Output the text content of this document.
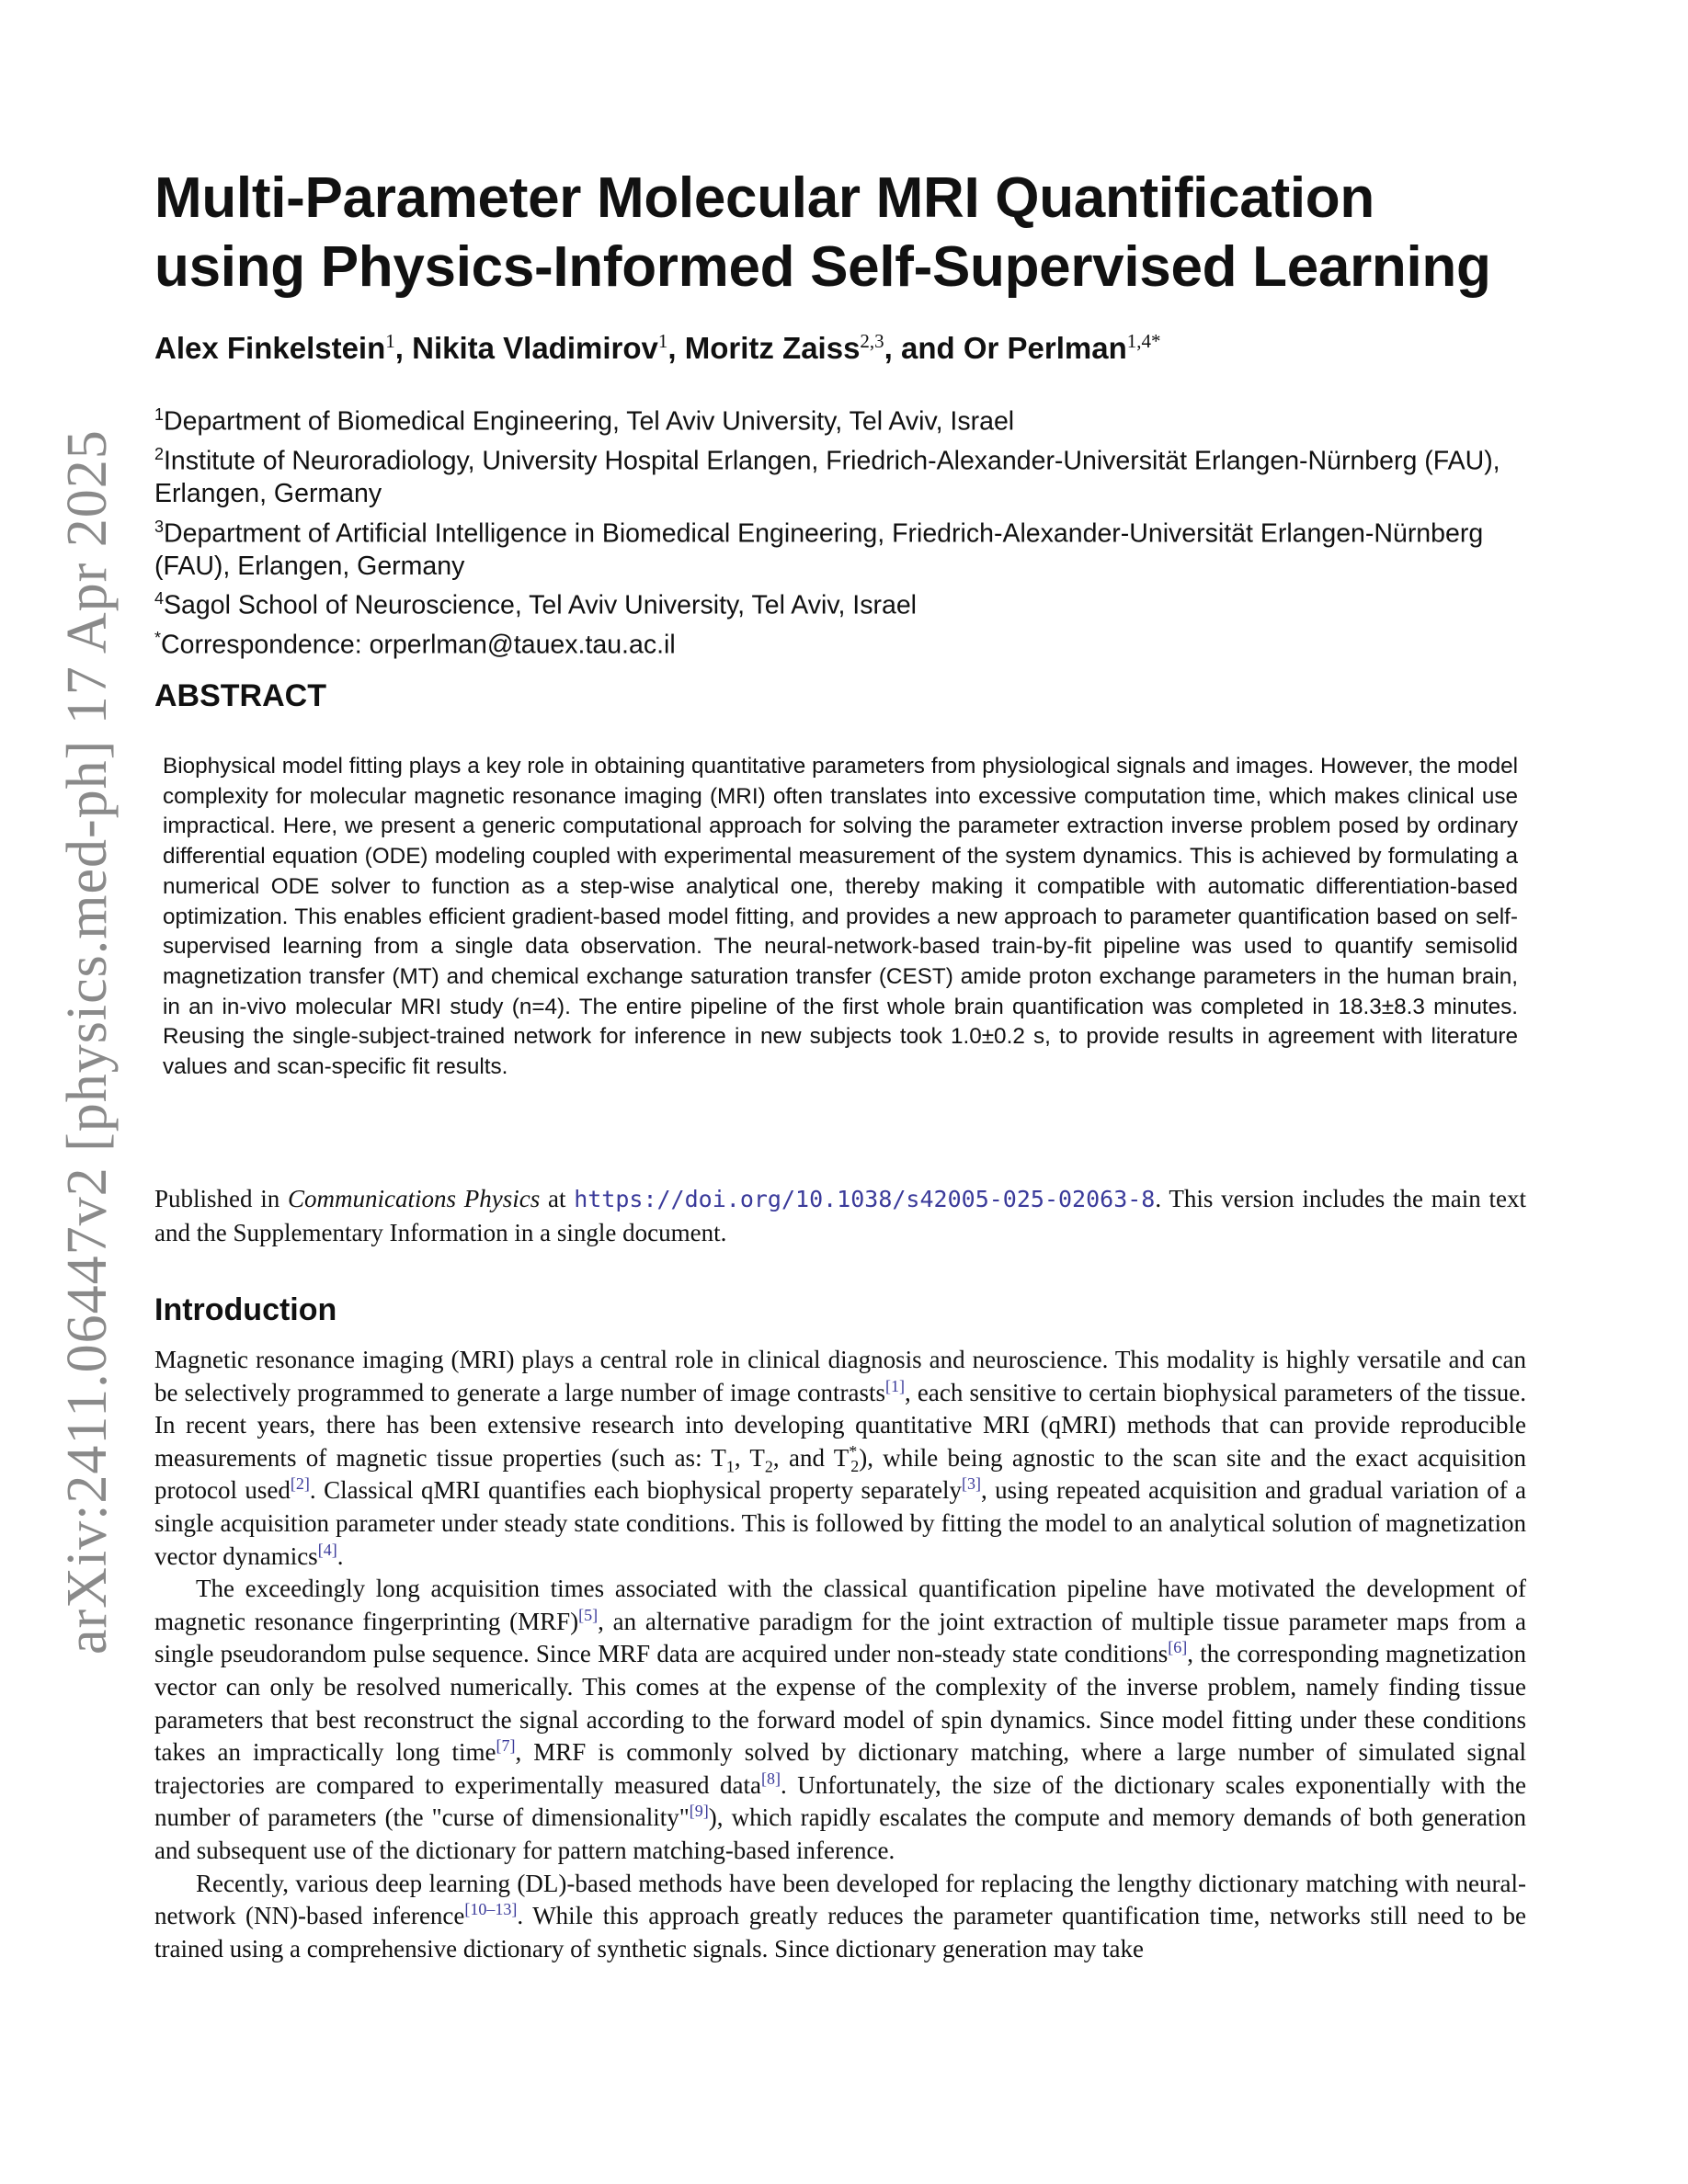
arXiv:2411.06447v2 [physics.med-ph] 17 Apr 2025
Multi-Parameter Molecular MRI Quantification using Physics-Informed Self-Supervised Learning
Alex Finkelstein$^1$, Nikita Vladimirov$^1$, Moritz Zaiss$^{2,3}$, and Or Perlman$^{1,4*}$
$^1$Department of Biomedical Engineering, Tel Aviv University, Tel Aviv, Israel
$^2$Institute of Neuroradiology, University Hospital Erlangen, Friedrich-Alexander-Universität Erlangen-Nürnberg (FAU), Erlangen, Germany
$^3$Department of Artificial Intelligence in Biomedical Engineering, Friedrich-Alexander-Universität Erlangen-Nürnberg (FAU), Erlangen, Germany
$^4$Sagol School of Neuroscience, Tel Aviv University, Tel Aviv, Israel
*Correspondence: orperlman@tauex.tau.ac.il
ABSTRACT

Biophysical model fitting plays a key role in obtaining quantitative parameters from physiological signals and images. However, the model complexity for molecular magnetic resonance imaging (MRI) often translates into excessive computation time, which makes clinical use impractical. Here, we present a generic computational approach for solving the parameter extraction inverse problem posed by ordinary differential equation (ODE) modeling coupled with experimental measurement of the system dynamics. This is achieved by formulating a numerical ODE solver to function as a step-wise analytical one, thereby making it compatible with automatic differentiation-based optimization. This enables efficient gradient-based model fitting, and provides a new approach to parameter quantification based on self-supervised learning from a single data observation. The neural-network-based train-by-fit pipeline was used to quantify semisolid magnetization transfer (MT) and chemical exchange saturation transfer (CEST) amide proton exchange parameters in the human brain, in an in-vivo molecular MRI study (n=4). The entire pipeline of the first whole brain quantification was completed in 18.3±8.3 minutes. Reusing the single-subject-trained network for inference in new subjects took 1.0±0.2 s, to provide results in agreement with literature values and scan-specific fit results.

Published in Communications Physics at https://doi.org/10.1038/s42005-025-02063-8. This version includes the main text and the Supplementary Information in a single document.

Introduction

Magnetic resonance imaging (MRI) plays a central role in clinical diagnosis and neuroscience. This modality is highly versatile and can be selectively programmed to generate a large number of image contrasts[1], each sensitive to certain biophysical parameters of the tissue. In recent years, there has been extensive research into developing quantitative MRI (qMRI) methods that can provide reproducible measurements of magnetic tissue properties (such as: $T_1$, $T_2$, and $T^*_2$), while being agnostic to the scan site and the exact acquisition protocol used[2]. Classical qMRI quantifies each biophysical property separately[3], using repeated acquisition and gradual variation of a single acquisition parameter under steady state conditions. This is followed by fitting the model to an analytical solution of magnetization vector dynamics[4].

The exceedingly long acquisition times associated with the classical quantification pipeline have motivated the development of magnetic resonance fingerprinting (MRF)[5], an alternative paradigm for the joint extraction of multiple tissue parameter maps from a single pseudorandom pulse sequence. Since MRF data are acquired under non-steady state conditions[6], the corresponding magnetization vector can only be resolved numerically. This comes at the expense of the complexity of the inverse problem, namely finding tissue parameters that best reconstruct the signal according to the forward model of spin dynamics. Since model fitting under these conditions takes an impractically long time[7], MRF is commonly solved by dictionary matching, where a large number of simulated signal trajectories are compared to experimentally measured data[8]. Unfortunately, the size of the dictionary scales exponentially with the number of parameters (the "curse of dimensionality"[9]), which rapidly escalates the compute and memory demands of both generation and subsequent use of the dictionary for pattern matching-based inference.

Recently, various deep learning (DL)-based methods have been developed for replacing the lengthy dictionary matching with neural-network (NN)-based inference[10–13]. While this approach greatly reduces the parameter quantification time, networks still need to be trained using a comprehensive dictionary of synthetic signals. Since dictionary generation may take
